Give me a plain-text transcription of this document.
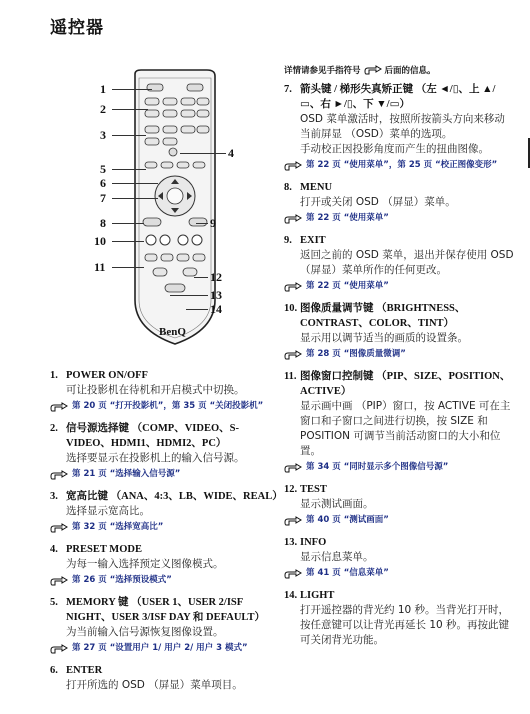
遥控器
BenQ
1
2
3
4
5
6
7
8	9
10
11
12
13
14
详情请参见手指符号	后面的信息。
7. 箭头键 / 梯形失真矫正键 （左 ◄/▯、上 ▲/▭、右 ►/▯、下 ▼/▭）
OSD 菜单激活时，按照所按箭头方向来移动当前屏显 （OSD）菜单的选项。
手动校正因投影角度而产生的扭曲图像。
第 22 页 “使用菜单”，第 25 页 “校正图像变形”
8. MENU
打开或关闭 OSD （屏显）菜单。
第 22 页 “使用菜单”
9. EXIT
返回之前的 OSD 菜单，退出并保存使用 OSD （屏显）菜单所作的任何更改。
第 22 页 “使用菜单”
10. 图像质量调节键 （BRIGHTNESS、CONTRAST、COLOR、TINT）
显示用以调节适当的画质的设置条。
第 28 页 “图像质量微调”
11. 图像窗口控制键 （PIP、SIZE、POSITION、ACTIVE）
显示画中画 （PIP）窗口，按 ACTIVE 可在主窗口和子窗口之间进行切换，按 SIZE 和 POSITION 可调节当前活动窗口的大小和位置。
第 34 页 “同时显示多个图像信号源”
12. TEST
显示测试画面。
第 40 页 “测试画面”
13. INFO
显示信息菜单。
第 41 页 “信息菜单”
14. LIGHT
打开遥控器的背光约 10 秒。当背光打开时，按任意键可以让背光再延长 10 秒。再按此键可关闭背光功能。
1. POWER ON/OFF
可让投影机在待机和开启模式中切换。
第 20 页 “打开投影机”，第 35 页 “关闭投影机”
2. 信号源选择键 （COMP、VIDEO、S-VIDEO、HDMI1、HDMI2、PC）
选择要显示在投影机上的输入信号源。
第 21 页 “选择输入信号源”
3. 宽高比键 （ANA、4:3、LB、WIDE、REAL）
选择显示宽高比。
第 32 页 “选择宽高比”
4. PRESET MODE
为每一输入选择预定义图像模式。
第 26 页 “选择预设模式”
5. MEMORY 键 （USER 1、USER 2/ISF NIGHT、USER 3/ISF DAY 和 DEFAULT）
为当前输入信号源恢复图像设置。
第 27 页 “设置用户 1/ 用户 2/ 用户 3 模式”
6. ENTER
打开所选的 OSD （屏显）菜单项目。
